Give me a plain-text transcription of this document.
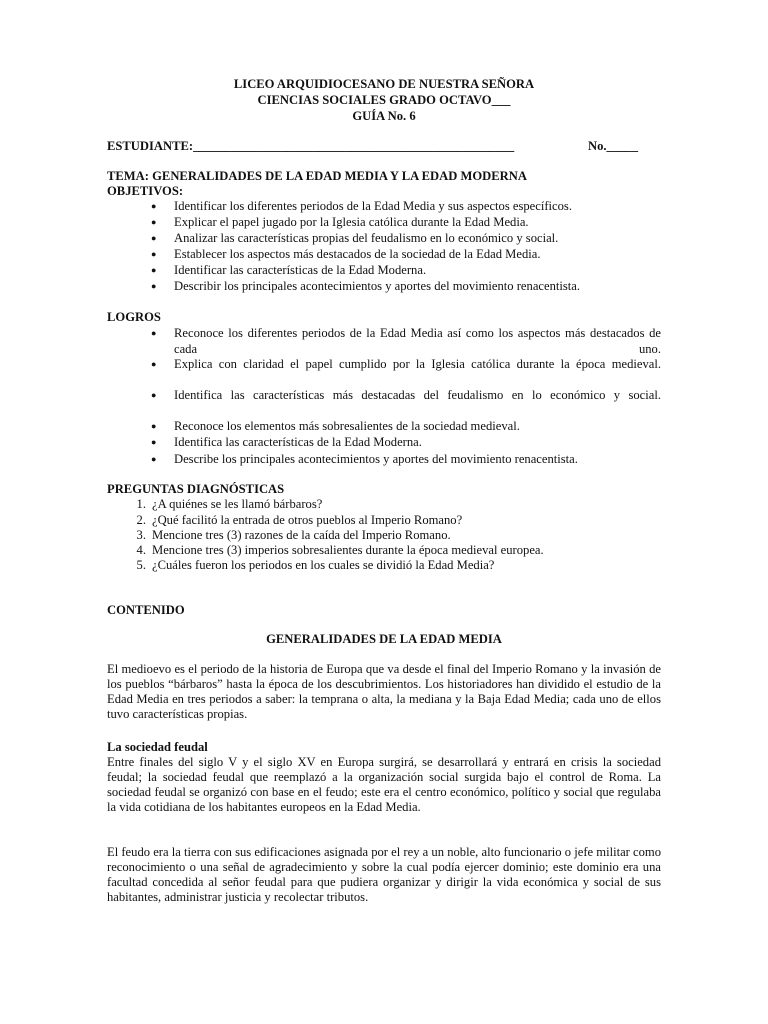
LICEO ARQUIDIOCESANO DE NUESTRA SEÑORA
CIENCIAS SOCIALES GRADO OCTAVO___
GUÍA No. 6
ESTUDIANTE:___________________________________________________	No._____
TEMA: GENERALIDADES DE LA EDAD MEDIA Y LA EDAD MODERNA
OBJETIVOS:
● Identificar los diferentes periodos de la Edad Media y sus aspectos específicos.
● Explicar el papel jugado por la Iglesia católica durante la Edad Media.
● Analizar las características propias del feudalismo en lo económico y social.
● Establecer los aspectos más destacados de la sociedad de la Edad Media.
● Identificar las características de la Edad Moderna.
● Describir los principales acontecimientos y aportes del movimiento renacentista.
LOGROS
● Reconoce los diferentes periodos de la Edad Media así como los aspectos más destacados de cada uno.
● Explica con claridad el papel cumplido por la Iglesia católica durante la época medieval.
● Identifica las características más destacadas del feudalismo en lo económico y social.
● Reconoce los elementos más sobresalientes de la sociedad medieval.
● Identifica las características de la Edad Moderna.
● Describe los principales acontecimientos y aportes del movimiento renacentista.
PREGUNTAS DIAGNÓSTICAS
1. ¿A quiénes se les llamó bárbaros?
2. ¿Qué facilitó la entrada de otros pueblos al Imperio Romano?
3. Mencione tres (3) razones de la caída del Imperio Romano.
4. Mencione tres (3) imperios sobresalientes durante la época medieval europea.
5. ¿Cuáles fueron los periodos en los cuales se dividió la Edad Media?
CONTENIDO
GENERALIDADES DE LA EDAD MEDIA
El medioevo es el periodo de la historia de Europa que va desde el final del Imperio Romano y la invasión de los pueblos “bárbaros” hasta la época de los descubrimientos. Los historiadores han dividido el estudio de la Edad Media en tres periodos a saber: la temprana o alta, la mediana y la Baja Edad Media; cada uno de ellos tuvo características propias.
La sociedad feudal
Entre finales del siglo V y el siglo XV en Europa surgirá, se desarrollará y entrará en crisis la sociedad feudal; la sociedad feudal que reemplazó a la organización social surgida bajo el control de Roma. La sociedad feudal se organizó con base en el feudo; este era el centro económico, político y social que regulaba la vida cotidiana de los habitantes europeos en la Edad Media.
El feudo era la tierra con sus edificaciones asignada por el rey a un noble, alto funcionario o jefe militar como reconocimiento o una señal de agradecimiento y sobre la cual podía ejercer dominio; este dominio era una facultad concedida al señor feudal para que pudiera organizar y dirigir la vida económica y social de sus habitantes, administrar justicia y recolectar tributos.
